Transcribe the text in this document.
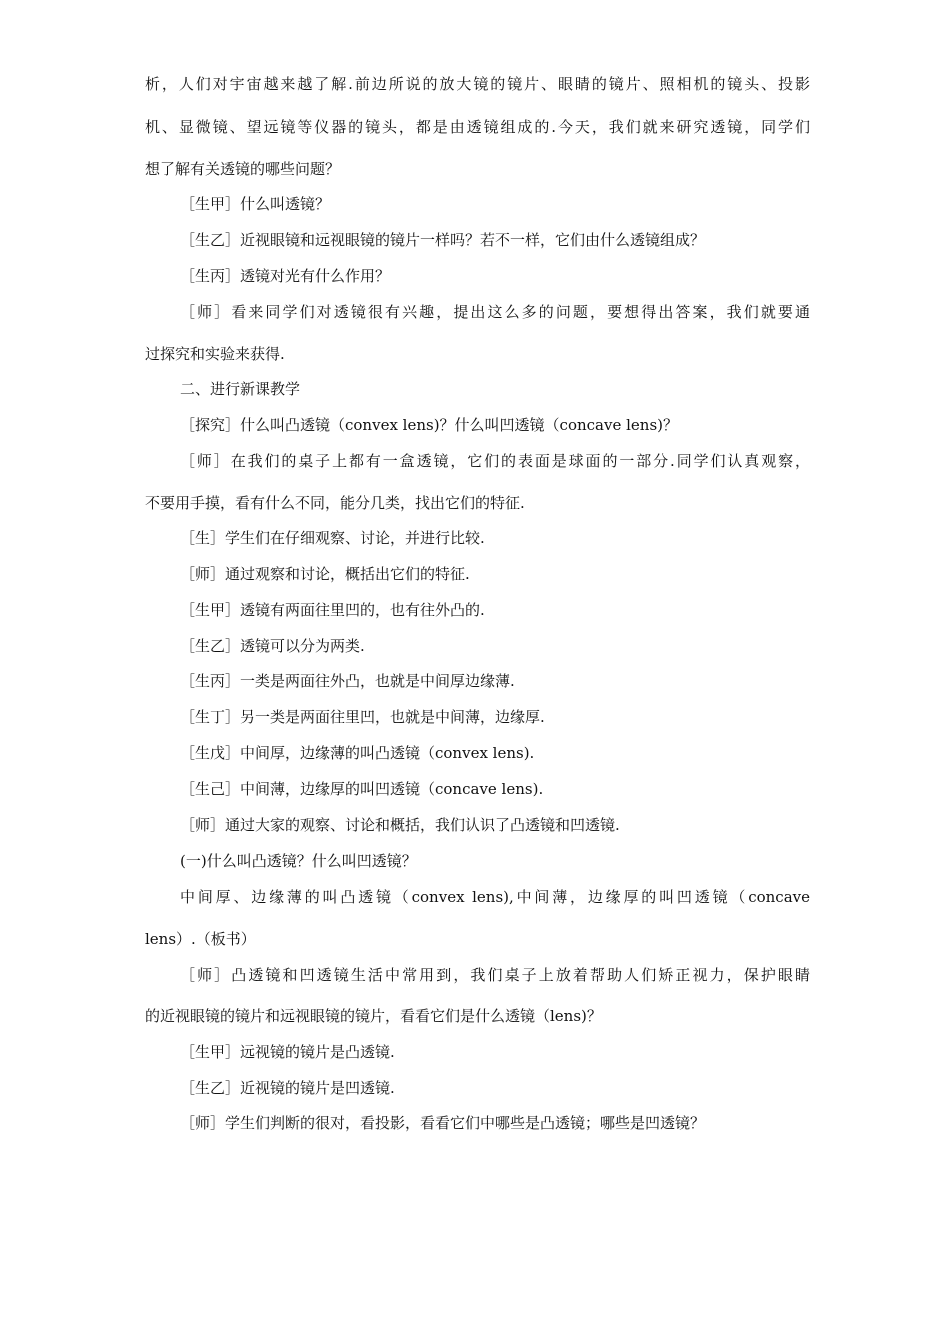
析，人们对宇宙越来越了解.前边所说的放大镜的镜片、眼睛的镜片、照相机的镜头、投影
机、显微镜、望远镜等仪器的镜头，都是由透镜组成的.今天，我们就来研究透镜，同学们
想了解有关透镜的哪些问题？
［生甲］什么叫透镜？
［生乙］近视眼镜和远视眼镜的镜片一样吗？若不一样，它们由什么透镜组成？
［生丙］透镜对光有什么作用？
［师］看来同学们对透镜很有兴趣，提出这么多的问题，要想得出答案，我们就要通
过探究和实验来获得.
二、进行新课教学
［探究］什么叫凸透镜（convex lens)？什么叫凹透镜（concave lens)？
［师］在我们的桌子上都有一盒透镜，它们的表面是球面的一部分.同学们认真观察，
不要用手摸，看有什么不同，能分几类，找出它们的特征.
［生］学生们在仔细观察、讨论，并进行比较.
［师］通过观察和讨论，概括出它们的特征.
［生甲］透镜有两面往里凹的，也有往外凸的.
［生乙］透镜可以分为两类.
［生丙］一类是两面往外凸，也就是中间厚边缘薄.
［生丁］另一类是两面往里凹，也就是中间薄，边缘厚.
［生戊］中间厚，边缘薄的叫凸透镜（convex lens).
［生己］中间薄，边缘厚的叫凹透镜（concave lens).
［师］通过大家的观察、讨论和概括，我们认识了凸透镜和凹透镜.
(一)什么叫凸透镜？什么叫凹透镜？
中间厚、边缘薄的叫凸透镜（convex lens),中间薄，边缘厚的叫凹透镜（concave
lens）.（板书）
［师］凸透镜和凹透镜生活中常用到，我们桌子上放着帮助人们矫正视力，保护眼睛
的近视眼镜的镜片和远视眼镜的镜片，看看它们是什么透镜（lens)？
［生甲］远视镜的镜片是凸透镜.
［生乙］近视镜的镜片是凹透镜.
［师］学生们判断的很对，看投影，看看它们中哪些是凸透镜；哪些是凹透镜？
